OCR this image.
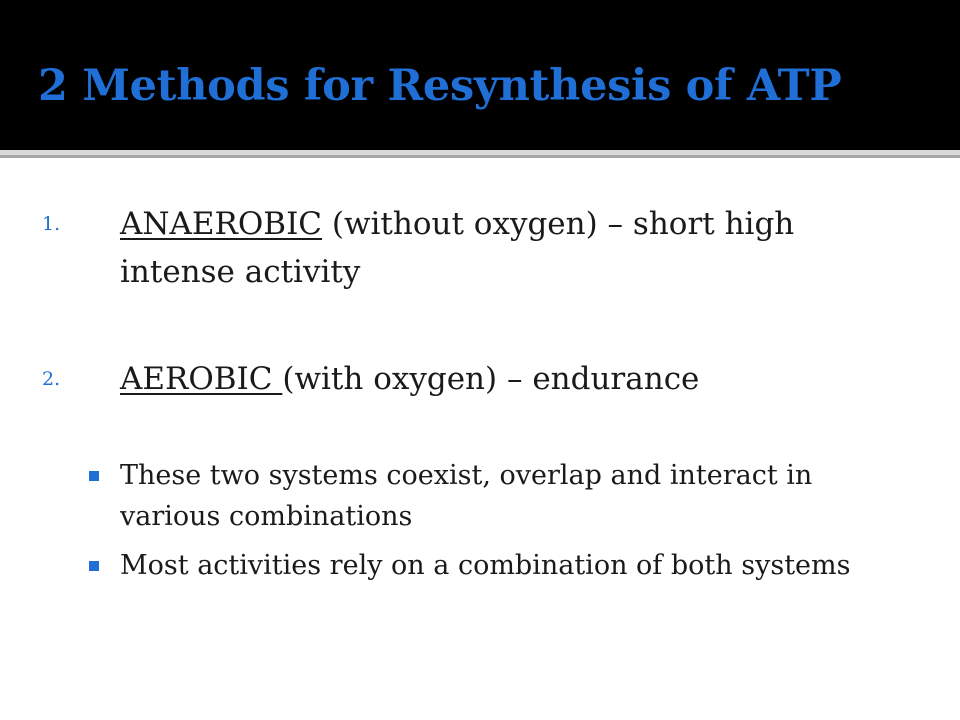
2 Methods for Resynthesis of ATP
1. ANAEROBIC (without oxygen) – short high intense activity
2. AEROBIC (with oxygen) – endurance
These two systems coexist, overlap and interact in various combinations
Most activities rely on a combination of both systems
